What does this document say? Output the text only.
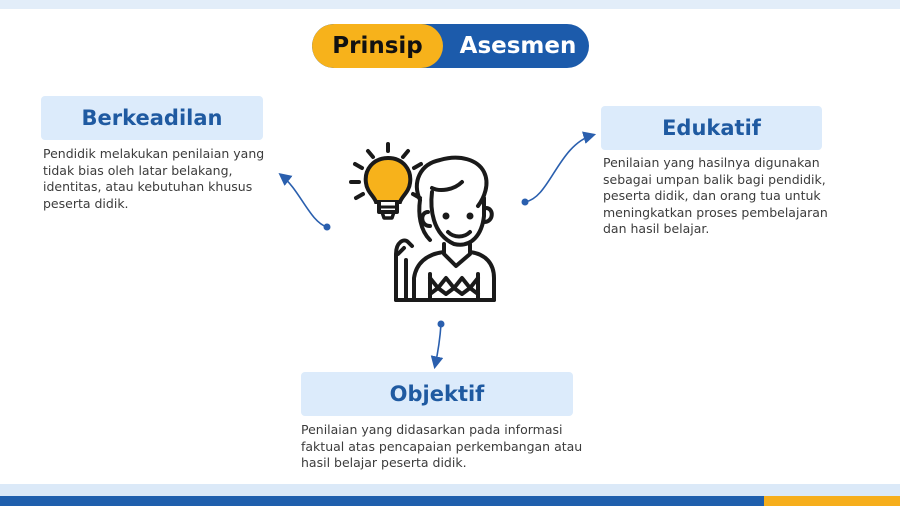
Prinsip	Asesmen
Berkeadilan
Pendidik melakukan penilaian yang tidak bias oleh latar belakang, identitas, atau kebutuhan khusus peserta didik.
Edukatif
Penilaian yang hasilnya digunakan sebagai umpan balik bagi pendidik, peserta didik, dan orang tua untuk meningkatkan proses pembelajaran dan hasil belajar.
Objektif
Penilaian yang didasarkan pada informasi faktual atas pencapaian perkembangan atau hasil belajar peserta didik.
